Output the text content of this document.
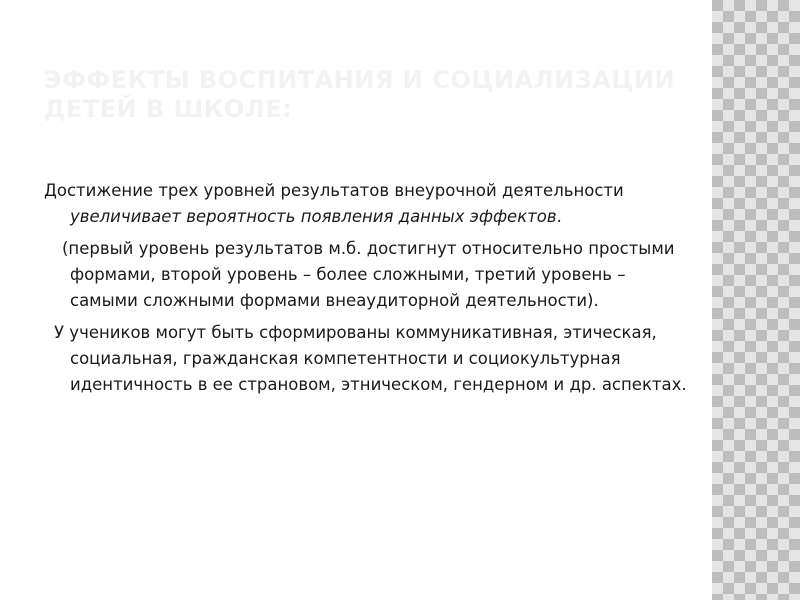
ЭФФЕКТЫ ВОСПИТАНИЯ И СОЦИАЛИЗАЦИИ ДЕТЕЙ В ШКОЛЕ:

Достижение трех уровней результатов внеурочной деятельности увеличивает вероятность появления данных эффектов.

(первый уровень результатов м.б. достигнут относительно простыми формами, второй уровень – более сложными, третий уровень – самыми сложными формами внеаудиторной деятельности).

У учеников могут быть сформированы коммуникативная, этическая, социальная, гражданская компетентности и социокультурная идентичность в ее страновом, этническом, гендерном и др. аспектах.
